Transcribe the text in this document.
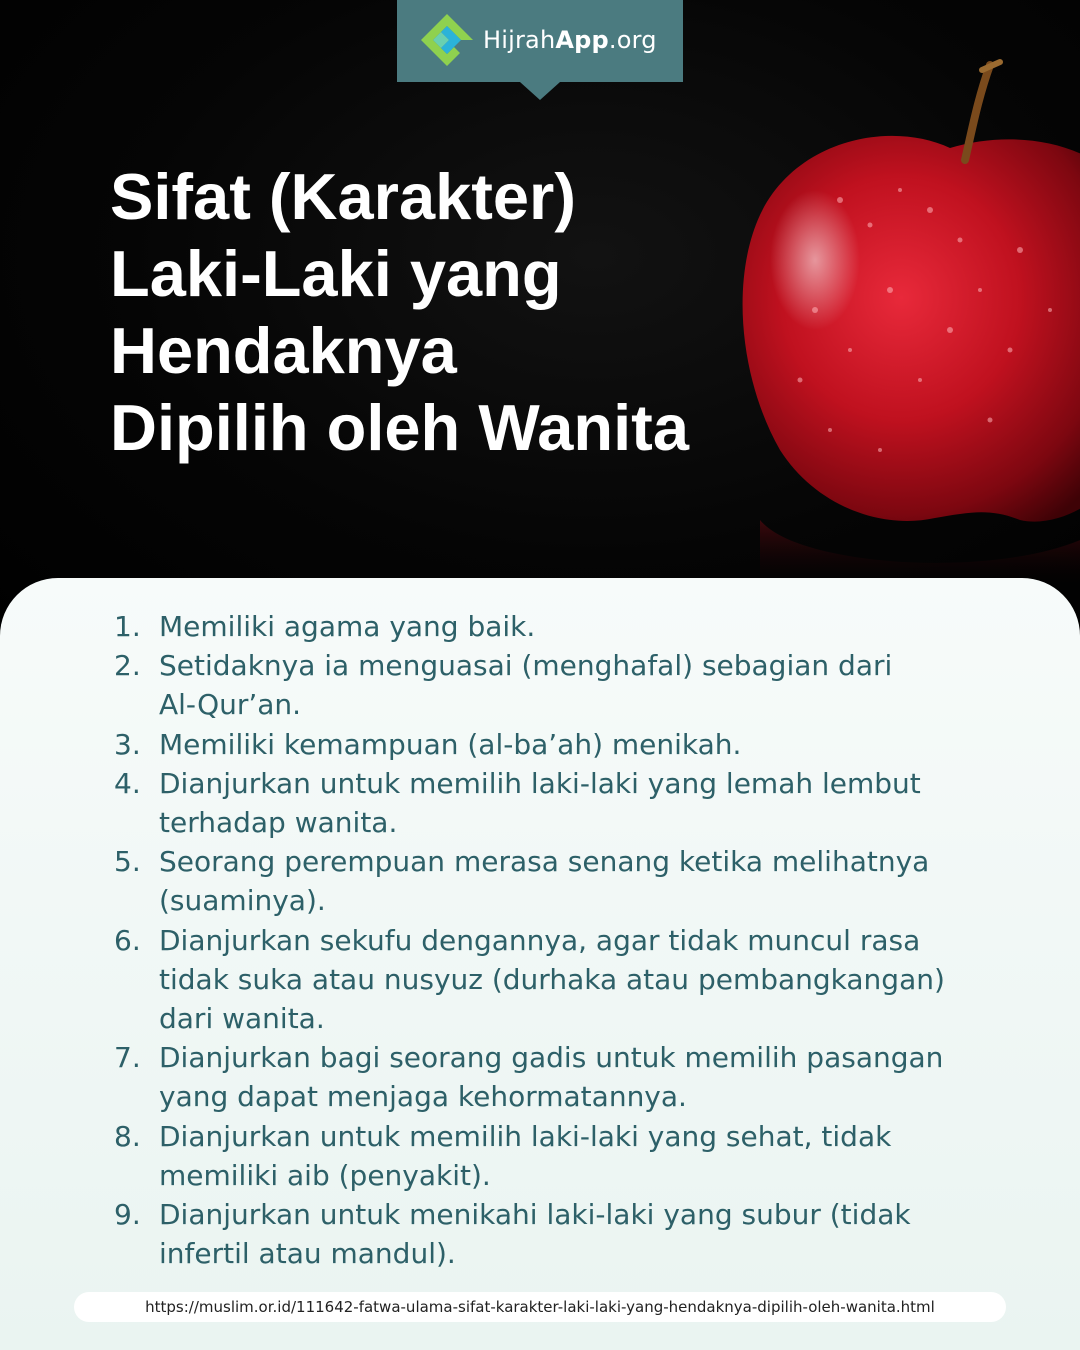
HijrahApp.org
Sifat (Karakter)
Laki-Laki yang
Hendaknya
Dipilih oleh Wanita
1. Memiliki agama yang baik.
2. Setidaknya ia menguasai (menghafal) sebagian dari
Al-Qur’an.
3. Memiliki kemampuan (al-ba’ah) menikah.
4. Dianjurkan untuk memilih laki-laki yang lemah lembut
terhadap wanita.
5. Seorang perempuan merasa senang ketika melihatnya
(suaminya).
6. Dianjurkan sekufu dengannya, agar tidak muncul rasa
tidak suka atau nusyuz (durhaka atau pembangkangan)
dari wanita.
7. Dianjurkan bagi seorang gadis untuk memilih pasangan
yang dapat menjaga kehormatannya.
8. Dianjurkan untuk memilih laki-laki yang sehat, tidak
memiliki aib (penyakit).
9. Dianjurkan untuk menikahi laki-laki yang subur (tidak
infertil atau mandul).
https://muslim.or.id/111642-fatwa-ulama-sifat-karakter-laki-laki-yang-hendaknya-dipilih-oleh-wanita.html
